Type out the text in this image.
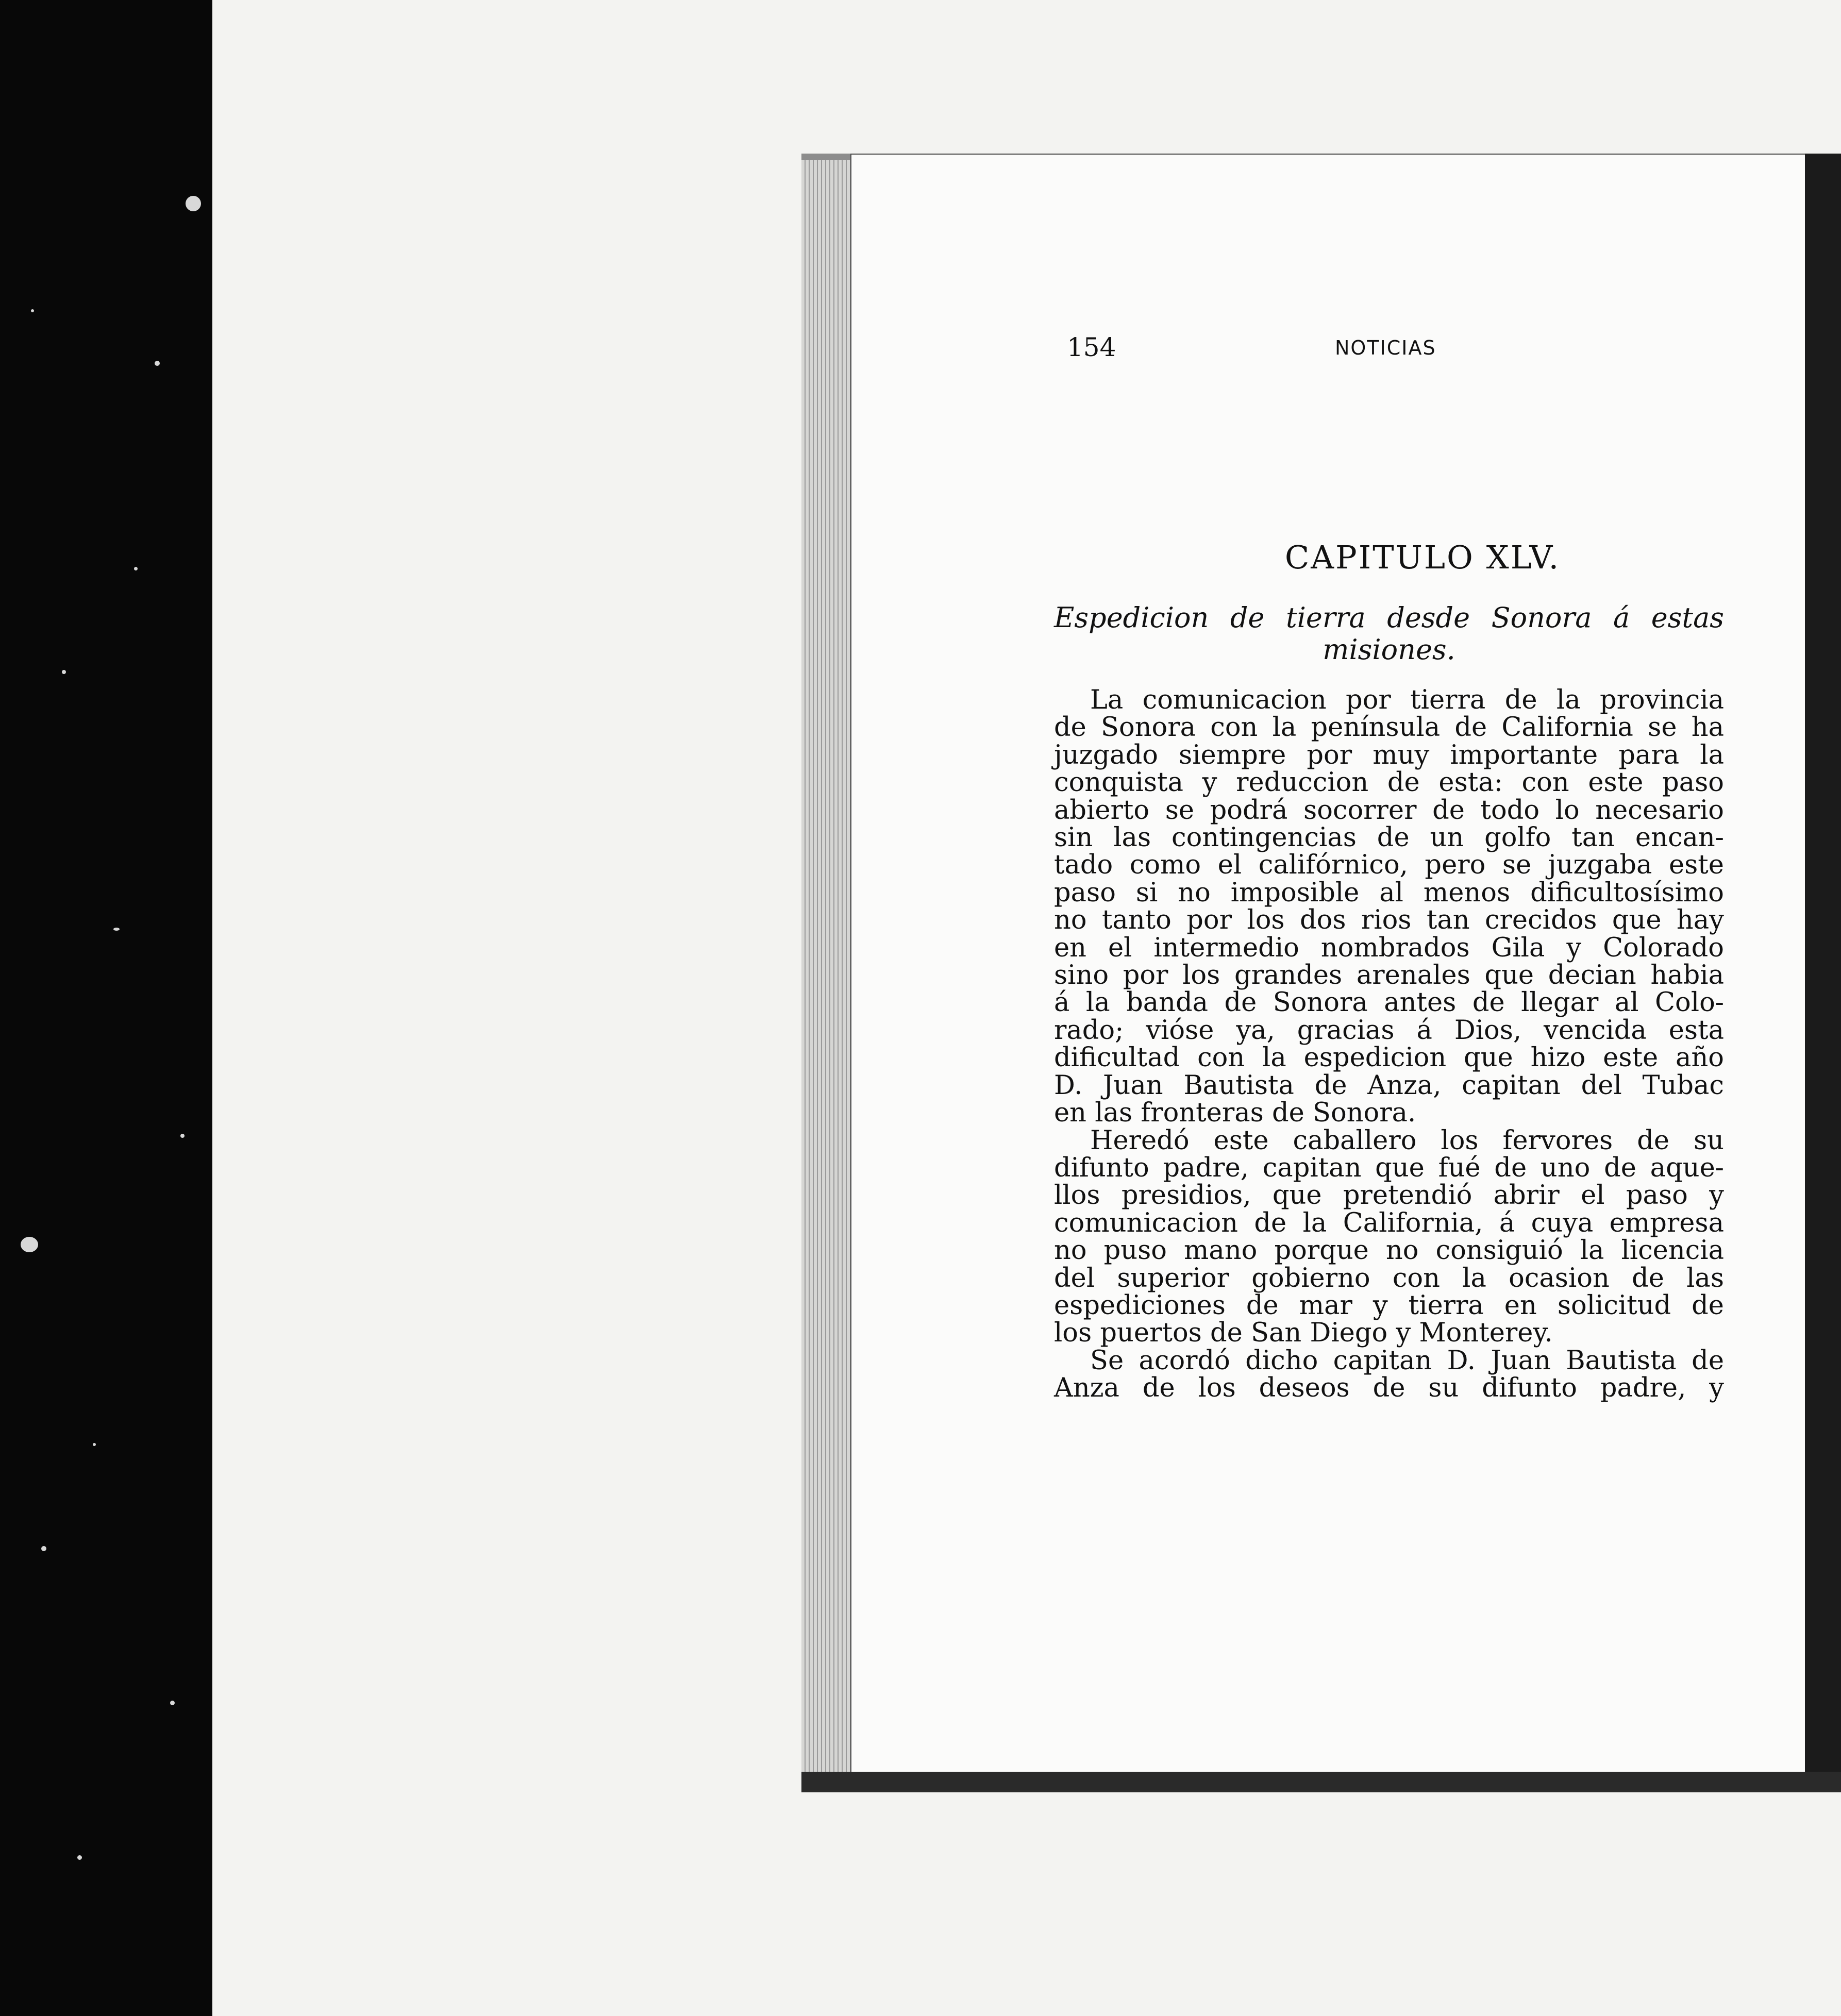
154	NOTICIAS
CAPITULO XLV.
Espedicion de tierra desde Sonora á estas
misiones.
La comunicacion por tierra de la provincia
de Sonora con la península de California se ha
juzgado siempre por muy importante para la
conquista y reduccion de esta: con este paso
abierto se podrá socorrer de todo lo necesario
sin las contingencias de un golfo tan encan-
tado como el califórnico, pero se juzgaba este
paso si no imposible al menos dificultosísimo
no tanto por los dos rios tan crecidos que hay
en el intermedio nombrados Gila y Colorado
sino por los grandes arenales que decian habia
á la banda de Sonora antes de llegar al Colo-
rado; vióse ya, gracias á Dios, vencida esta
dificultad con la espedicion que hizo este año
D. Juan Bautista de Anza, capitan del Tubac
en las fronteras de Sonora.
Heredó este caballero los fervores de su
difunto padre, capitan que fué de uno de aque-
llos presidios, que pretendió abrir el paso y
comunicacion de la California, á cuya empresa
no puso mano porque no consiguió la licencia
del superior gobierno con la ocasion de las
espediciones de mar y tierra en solicitud de
los puertos de San Diego y Monterey.
Se acordó dicho capitan D. Juan Bautista de
Anza de los deseos de su difunto padre, y
